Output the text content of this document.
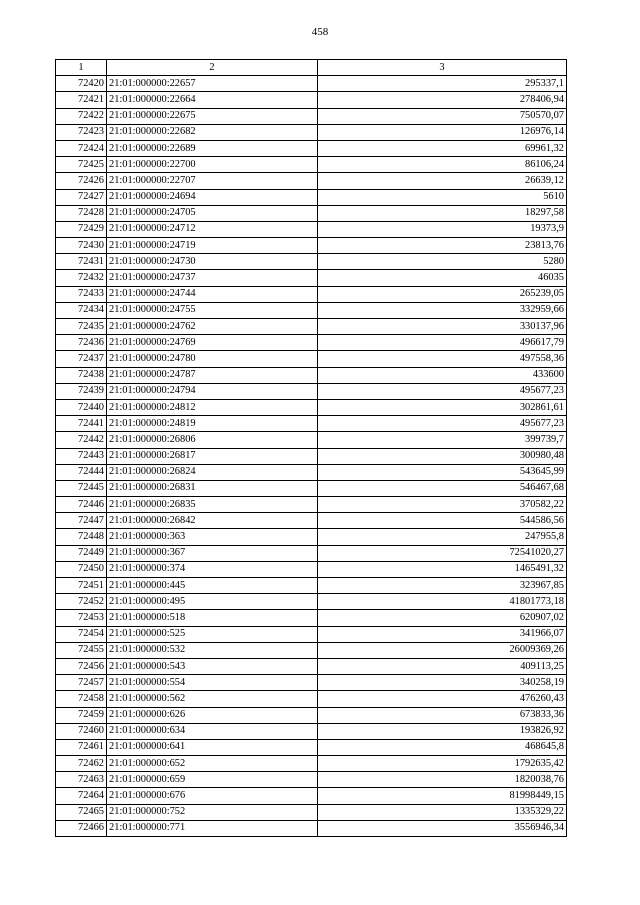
458
1	2	3
72420	21:01:000000:22657	295337,1
72421	21:01:000000:22664	278406,94
72422	21:01:000000:22675	750570,07
72423	21:01:000000:22682	126976,14
72424	21:01:000000:22689	69961,32
72425	21:01:000000:22700	86106,24
72426	21:01:000000:22707	26639,12
72427	21:01:000000:24694	5610
72428	21:01:000000:24705	18297,58
72429	21:01:000000:24712	19373,9
72430	21:01:000000:24719	23813,76
72431	21:01:000000:24730	5280
72432	21:01:000000:24737	46035
72433	21:01:000000:24744	265239,05
72434	21:01:000000:24755	332959,66
72435	21:01:000000:24762	330137,96
72436	21:01:000000:24769	496617,79
72437	21:01:000000:24780	497558,36
72438	21:01:000000:24787	433600
72439	21:01:000000:24794	495677,23
72440	21:01:000000:24812	302861,61
72441	21:01:000000:24819	495677,23
72442	21:01:000000:26806	399739,7
72443	21:01:000000:26817	300980,48
72444	21:01:000000:26824	543645,99
72445	21:01:000000:26831	546467,68
72446	21:01:000000:26835	370582,22
72447	21:01:000000:26842	544586,56
72448	21:01:000000:363	247955,8
72449	21:01:000000:367	72541020,27
72450	21:01:000000:374	1465491,32
72451	21:01:000000:445	323967,85
72452	21:01:000000:495	41801773,18
72453	21:01:000000:518	620907,02
72454	21:01:000000:525	341966,07
72455	21:01:000000:532	26009369,26
72456	21:01:000000:543	409113,25
72457	21:01:000000:554	340258,19
72458	21:01:000000:562	476260,43
72459	21:01:000000:626	673833,36
72460	21:01:000000:634	193826,92
72461	21:01:000000:641	468645,8
72462	21:01:000000:652	1792635,42
72463	21:01:000000:659	1820038,76
72464	21:01:000000:676	81998449,15
72465	21:01:000000:752	1335329,22
72466	21:01:000000:771	3556946,34
